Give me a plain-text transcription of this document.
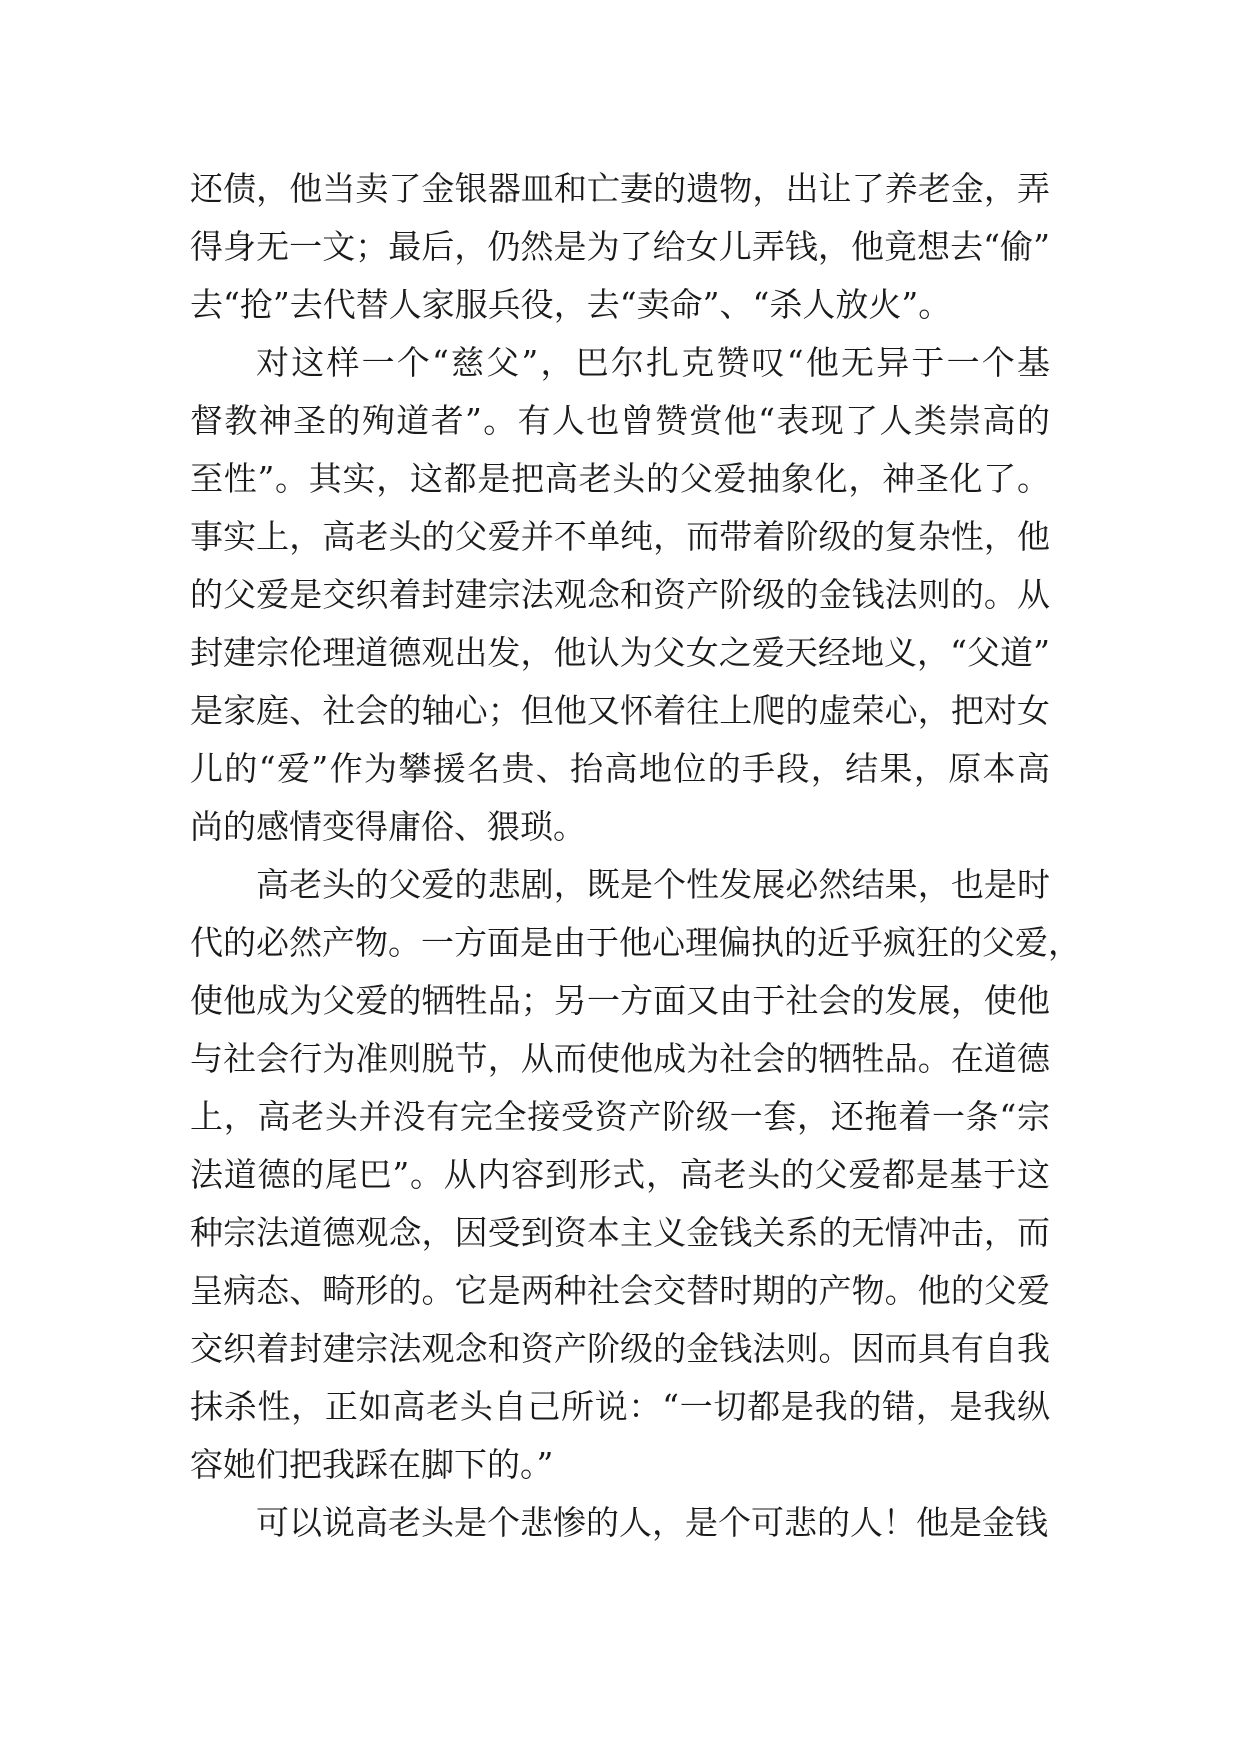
还债，他当卖了金银器皿和亡妻的遗物，出让了养老金，弄
得身无一文；最后，仍然是为了给女儿弄钱，他竟想去“偷”
去“抢”去代替人家服兵役，去“卖命”、“杀人放火”。
对这样一个“慈父”，巴尔扎克赞叹“他无异于一个基
督教神圣的殉道者”。有人也曾赞赏他“表现了人类崇高的
至性”。其实，这都是把高老头的父爱抽象化，神圣化了。
事实上，高老头的父爱并不单纯，而带着阶级的复杂性，他
的父爱是交织着封建宗法观念和资产阶级的金钱法则的。从
封建宗伦理道德观出发，他认为父女之爱天经地义，“父道”
是家庭、社会的轴心；但他又怀着往上爬的虚荣心，把对女
儿的“爱”作为攀援名贵、抬高地位的手段，结果，原本高
尚的感情变得庸俗、猥琐。
高老头的父爱的悲剧，既是个性发展必然结果，也是时
代的必然产物。一方面是由于他心理偏执的近乎疯狂的父爱，
使他成为父爱的牺牲品；另一方面又由于社会的发展，使他
与社会行为准则脱节，从而使他成为社会的牺牲品。在道德
上，高老头并没有完全接受资产阶级一套，还拖着一条“宗
法道德的尾巴”。从内容到形式，高老头的父爱都是基于这
种宗法道德观念，因受到资本主义金钱关系的无情冲击，而
呈病态、畸形的。它是两种社会交替时期的产物。他的父爱
交织着封建宗法观念和资产阶级的金钱法则。因而具有自我
抹杀性，正如高老头自己所说：“一切都是我的错，是我纵
容她们把我踩在脚下的。”
可以说高老头是个悲惨的人，是个可悲的人！他是金钱
